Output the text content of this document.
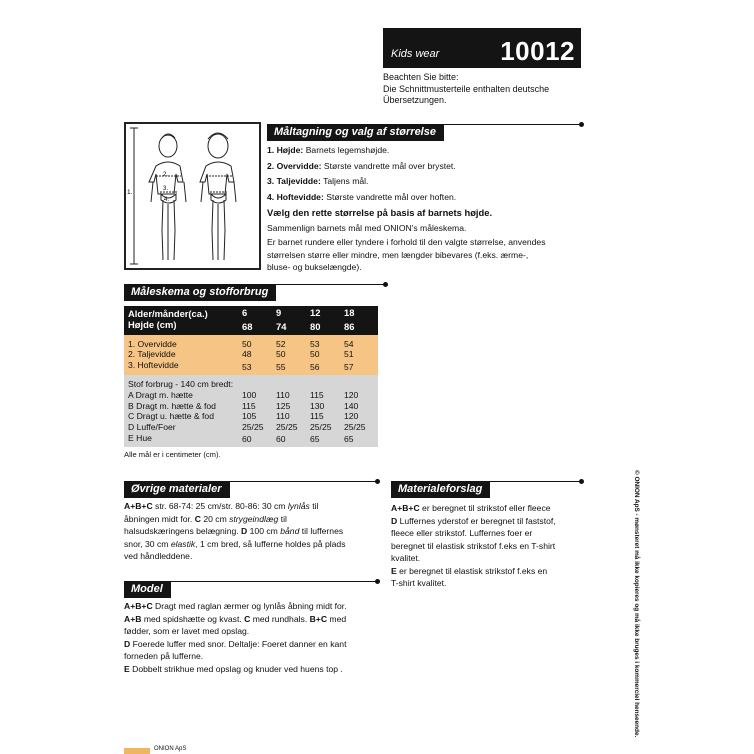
Kids wear 10012
Beachten Sie bitte:
Die Schnittmusterteile enthalten deutsche
Übersetzungen.
1.
2.
3.
4.
Måltagning og valg af størrelse
1. Højde: Barnets legemshøjde.
2. Overvidde: Største vandrette mål over brystet.
3. Taljevidde: Taljens mål.
4. Hoftevidde: Største vandrette mål over hoften.
Vælg den rette størrelse på basis af barnets højde.
Sammenlign barnets mål med ONION's måleskema.
Er barnet rundere eller tyndere i forhold til den valgte størrelse, anvendes
størrelsen større eller mindre, men længder bibevares (f.eks. ærme-,
bluse- og bukselængde).
Måleskema og stofforbrug
Alder/månder(ca.)	6	9	12	18
Højde (cm)	68	74	80	86
1. Overvidde	50	52	53	54
2. Taljevidde	48	50	50	51
3. Hoftevidde	53	55	56	57
Stof forbrug - 140 cm bredt:				
A Dragt m. hætte	100	110	115	120
B Dragt m. hætte & fod	115	125	130	140
C Dragt u. hætte & fod	105	110	115	120
D Luffe/Foer	25/25	25/25	25/25	25/25
E Hue	60	60	65	65
Alle mål er i centimeter (cm).
Øvrige materialer
A+B+C str. 68-74: 25 cm/str. 80-86: 30 cm lynlås til
åbningen midt for. C 20 cm strygeindlæg til
halsudskæringens belægning. D 100 cm bånd til luffernes
snor, 30 cm elastik, 1 cm bred, så lufferne holdes på plads
ved håndleddene.
Model
A+B+C Dragt med raglan ærmer og lynlås åbning midt for.
A+B med spidshætte og kvast. C med rundhals. B+C med
fødder, som er lavet med opslag.
D Foerede luffer med snor. Deltalje: Foeret danner en kant
forneden på lufferne.
E Dobbelt strikhue med opslag og knuder ved huens top .
Materialeforslag
A+B+C er beregnet til strikstof eller fleece
D Luffernes yderstof er beregnet til faststof,
fleece eller strikstof. Luffernes foer er
beregnet til elastisk strikstof f.eks en T-shirt
kvalitet.
E er beregnet til elastisk strikstof f.eks en
T-shirt kvalitet.	© ONION ApS - mønsteret må ikke kopieres og må ikke bruges i kommerciel henseende.
ONION ApS
